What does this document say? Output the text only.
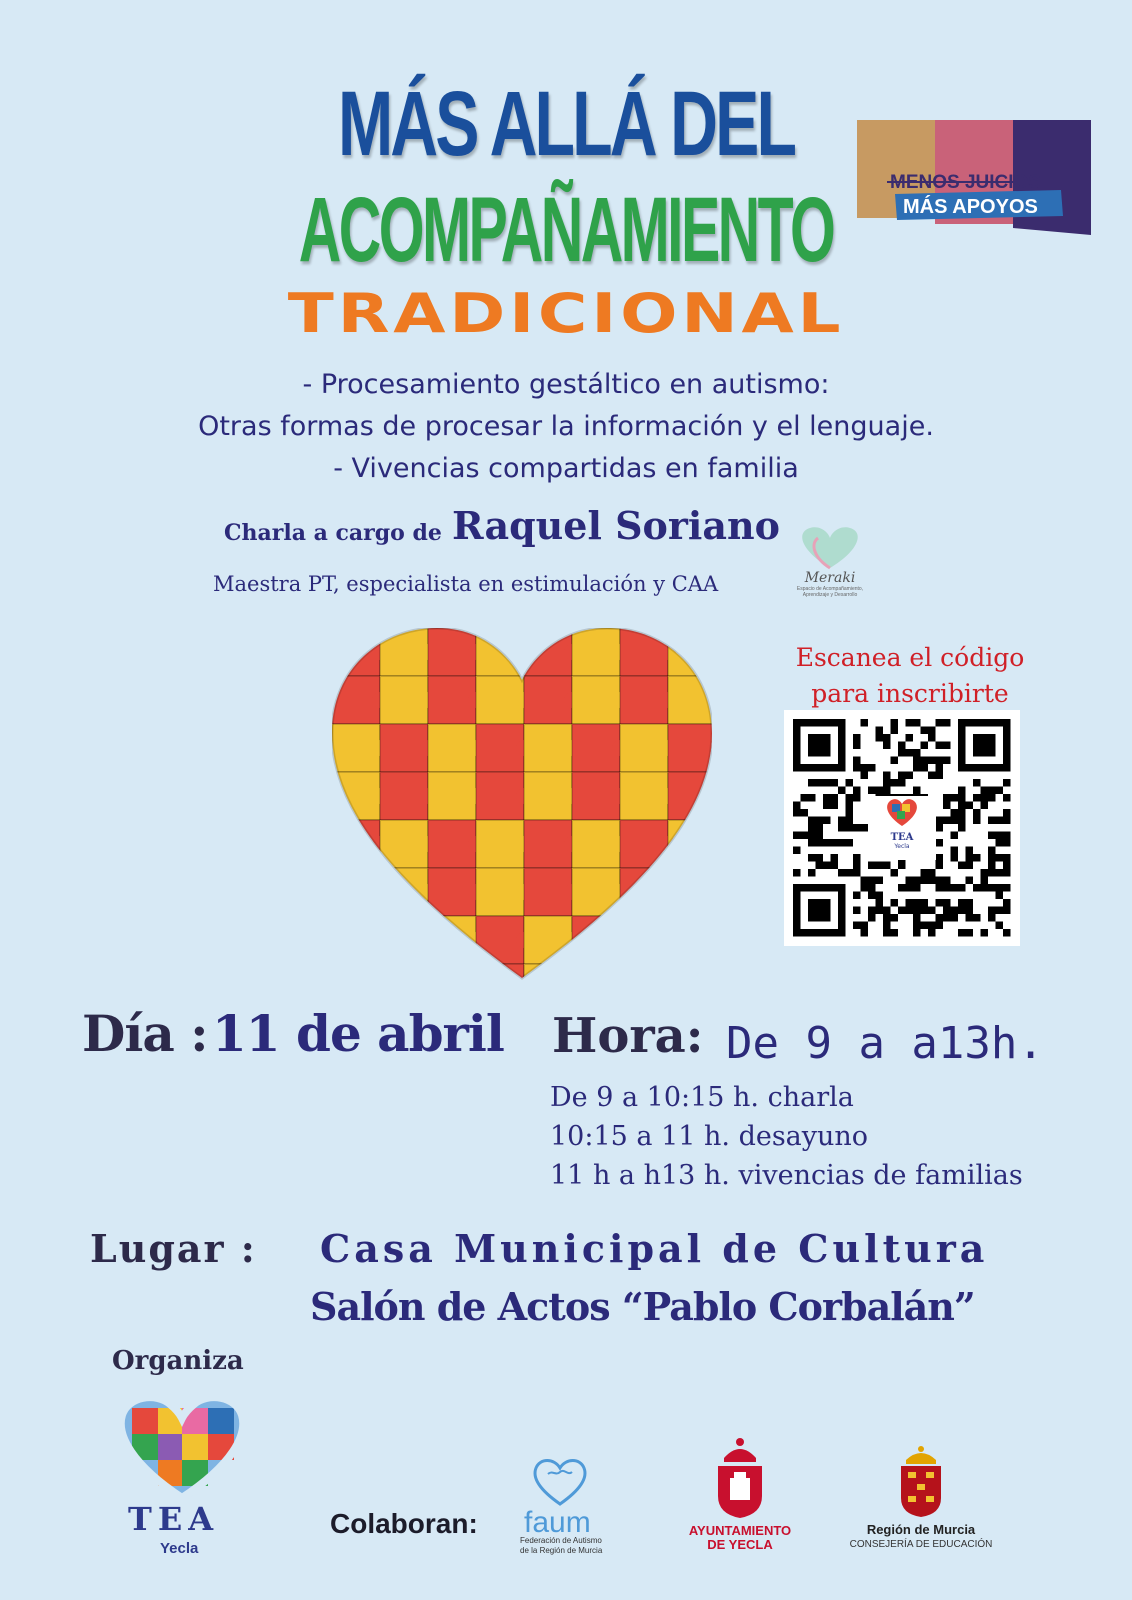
MÁS ALLÁ DEL
ACOMPAÑAMIENTO
TRADICIONAL
MENOS JUICIOS
MÁS APOYOS
- Procesamiento gestáltico en autismo:
Otras formas de procesar la información y el lenguaje.
- Vivencias compartidas en familia
Charla a cargo de Raquel Soriano
Maestra PT, especialista en estimulación y CAA	Meraki
Espacio de Acompañamiento, Aprendizaje y Desarrollo
Escanea el código
para inscribirte
TEA
Yecla
Día : 11 de abril Hora: De 9 a a13h.
De 9 a 10:15 h. charla
10:15 a 11 h. desayuno
11 h a h13 h. vivencias de familias
Lugar : Casa Municipal de Cultura
Salón de Actos “Pablo Corbalán”
Organiza
TEA
Yecla
Colaboran: faum
Federación de Autismo
de la Región de Murcia
AYUNTAMIENTO
DE YECLA
Región de Murcia
CONSEJERÍA DE EDUCACIÓN
